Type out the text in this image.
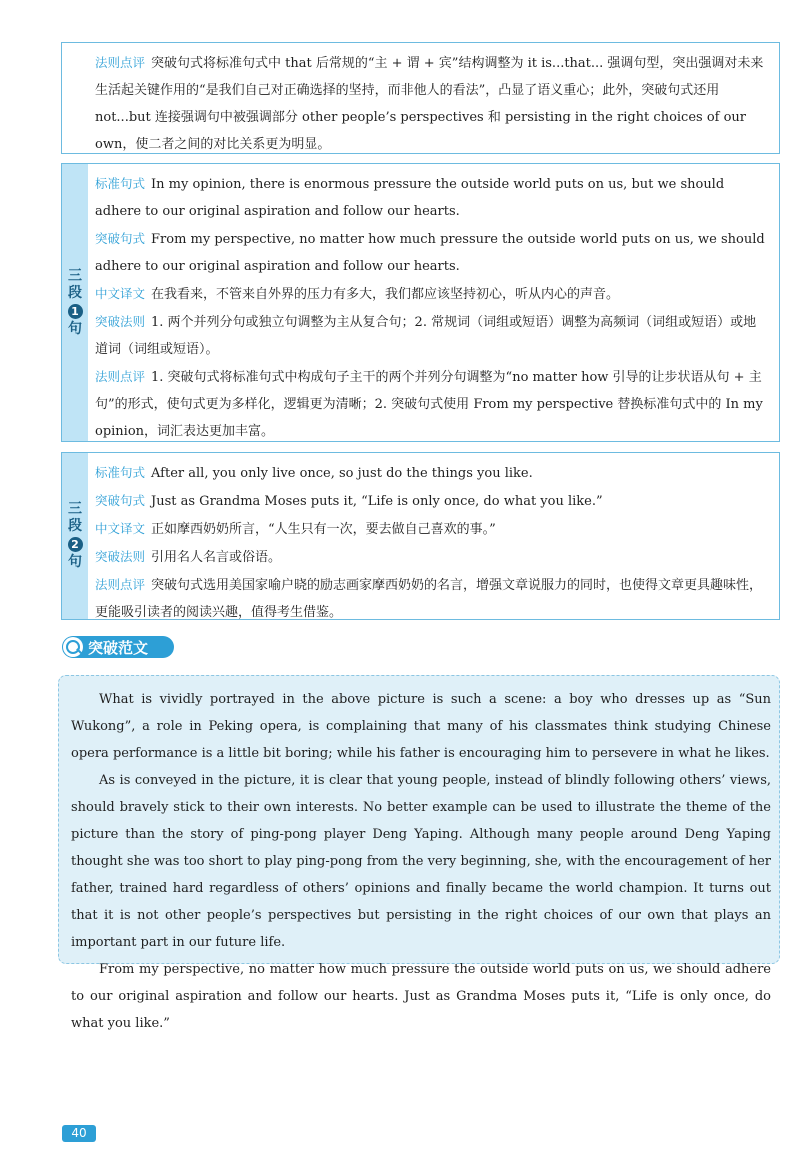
法则点评 突破句式将标准句式中 that 后常规的“主 + 谓 + 宾”结构调整为 it is...that... 强调句型，突出强调对未来生活起关键作用的“是我们自己对正确选择的坚持，而非他人的看法”，凸显了语义重心；此外，突破句式还用 not...but 连接强调句中被强调部分 other people’s perspectives 和 persisting in the right choices of our own，使二者之间的对比关系更为明显。
三
段
1
句
标准句式 In my opinion, there is enormous pressure the outside world puts on us, but we should adhere to our original aspiration and follow our hearts.
突破句式 From my perspective, no matter how much pressure the outside world puts on us, we should adhere to our original aspiration and follow our hearts.
中文译文 在我看来，不管来自外界的压力有多大，我们都应该坚持初心，听从内心的声音。
突破法则 1. 两个并列分句或独立句调整为主从复合句；2. 常规词（词组或短语）调整为高频词（词组或短语）或地道词（词组或短语）。
法则点评 1. 突破句式将标准句式中构成句子主干的两个并列分句调整为“no matter how 引导的让步状语从句 + 主句”的形式，使句式更为多样化，逻辑更为清晰；2. 突破句式使用 From my perspective 替换标准句式中的 In my opinion，词汇表达更加丰富。
三
段
2
句
标准句式 After all, you only live once, so just do the things you like.
突破句式 Just as Grandma Moses puts it, “Life is only once, do what you like.”
中文译文 正如摩西奶奶所言，“人生只有一次，要去做自己喜欢的事。”
突破法则 引用名人名言或俗语。
法则点评 突破句式选用美国家喻户晓的励志画家摩西奶奶的名言，增强文章说服力的同时，也使得文章更具趣味性，更能吸引读者的阅读兴趣，值得考生借鉴。
突破范文

What is vividly portrayed in the above picture is such a scene: a boy who dresses up as “Sun Wukong”, a role in Peking opera, is complaining that many of his classmates think studying Chinese opera performance is a little bit boring; while his father is encouraging him to persevere in what he likes.

As is conveyed in the picture, it is clear that young people, instead of blindly following others’ views, should bravely stick to their own interests. No better example can be used to illustrate the theme of the picture than the story of ping-pong player Deng Yaping. Although many people around Deng Yaping thought she was too short to play ping-pong from the very beginning, she, with the encouragement of her father, trained hard regardless of others’ opinions and finally became the world champion. It turns out that it is not other people’s perspectives but persisting in the right choices of our own that plays an important part in our future life.

From my perspective, no matter how much pressure the outside world puts on us, we should adhere to our original aspiration and follow our hearts. Just as Grandma Moses puts it, “Life is only once, do what you like.”

40
